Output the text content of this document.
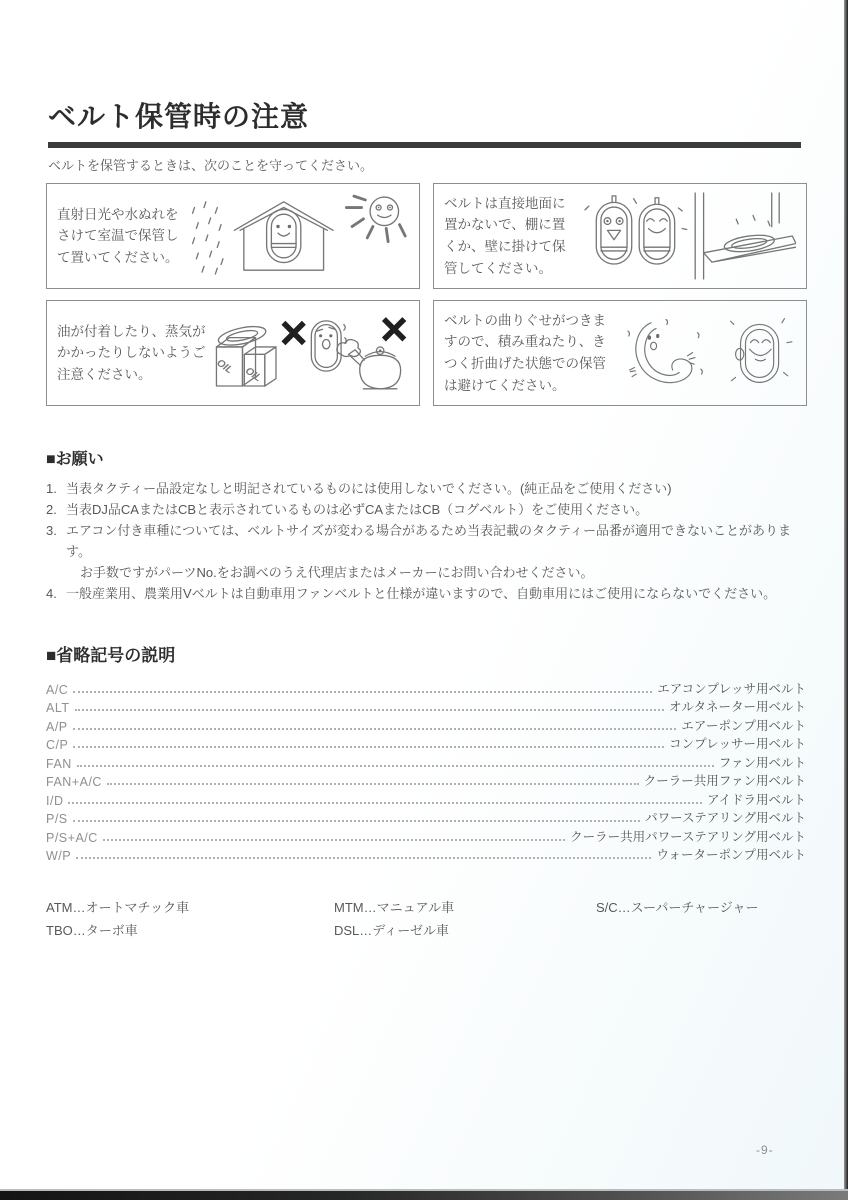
ベルト保管時の注意

ベルトを保管するときは、次のことを守ってください。

直射日光や水ぬれをさけて室温で保管して置いてください。

ベルトは直接地面に置かないで、棚に置くか、壁に掛けて保管してください。

油が付着したり、蒸気がかかったりしないようご注意ください。	OIL OIL

ベルトの曲りぐせがつきますので、積み重ねたり、きつく折曲げた状態での保管は避けてください。

■お願い
1. 当表タクティー品設定なしと明記されているものには使用しないでください。(純正品をご使用ください)

2. 当表DJ品CAまたはCBと表示されているものは必ずCAまたはCB（コグベルト）をご使用ください。

3. エアコン付き車種については、ベルトサイズが変わる場合があるため当表記載のタクティー品番が適用できないことがあります。

お手数ですがパーツNo.をお調べのうえ代理店またはメーカーにお問い合わせください。

4. 一般産業用、農業用Vベルトは自動車用ファンベルトと仕様が違いますので、自動車用にはご使用にならないでください。

■省略記号の説明
A/C	エアコンプレッサ用ベルト
ALT	オルタネーター用ベルト
A/P	エアーポンプ用ベルト
C/P	コンプレッサー用ベルト
FAN	ファン用ベルト
FAN+A/C	クーラー共用ファン用ベルト
I/D	アイドラ用ベルト
P/S	パワーステアリング用ベルト
P/S+A/C	クーラー共用パワーステアリング用ベルト
W/P	ウォーターポンプ用ベルト
ATM…オートマチック車
TBO…ターボ車
MTM…マニュアル車
DSL…ディーゼル車
S/C…スーパーチャージャー
-9-
